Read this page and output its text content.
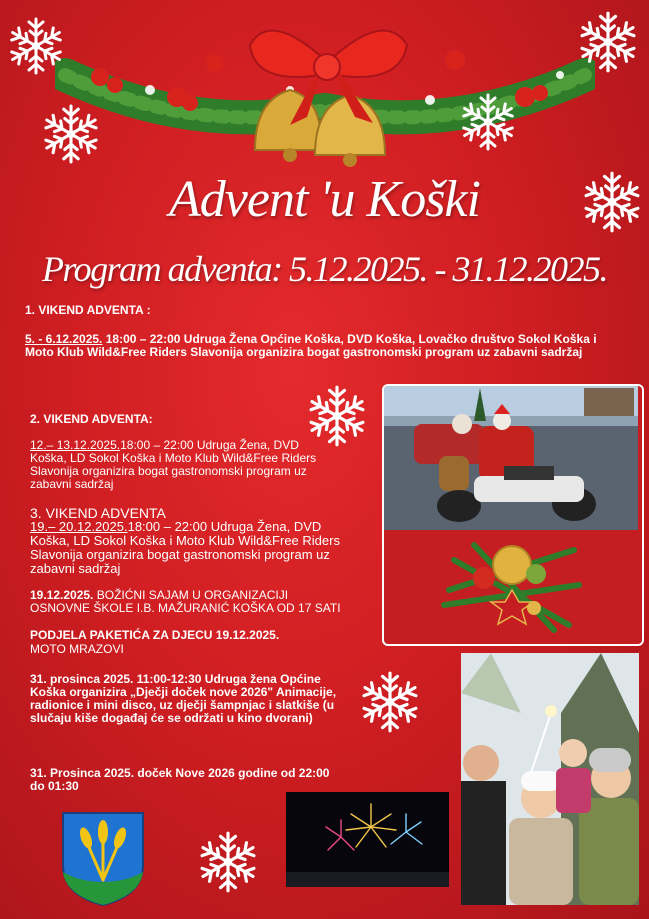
Advent 'u Koški
Program adventa: 5.12.2025. - 31.12.2025.
1. VIKEND ADVENTA :
5. - 6.12.2025. 18:00 – 22:00 Udruga Žena Općine Koška, DVD Koška, Lovačko društvo Sokol Koška i Moto Klub Wild&Free Riders Slavonija organizira bogat gastronomski program uz zabavni sadržaj
2. VIKEND ADVENTA:
12.– 13.12.2025.18:00 – 22:00 Udruga Žena, DVD Koška, LD Sokol Koška i Moto Klub Wild&Free Riders Slavonija organizira bogat gastronomski program uz zabavni sadržaj
3. VIKEND ADVENTA
19.– 20.12.2025.18:00 – 22:00 Udruga Žena, DVD Koška, LD Sokol Koška i Moto Klub Wild&Free Riders Slavonija organizira bogat gastronomski program uz zabavni sadržaj
19.12.2025. BOŽIĆNI SAJAM U ORGANIZACIJI OSNOVNE ŠKOLE I.B. MAŽURANIĆ KOŠKA OD 17 SATI
PODJELA PAKETIĆA ZA DJECU 19.12.2025.
MOTO MRAZOVI
31. prosinca 2025. 11:00-12:30 Udruga žena Općine Koška organizira „Dječji doček nove 2026" Animacije, radionice i mini disco, uz dječji šampnjac i slatkiše (u slučaju kiše događaj će se održati u kino dvorani)
31. Prosinca 2025. doček Nove 2026 godine od 22:00 do 01:30
